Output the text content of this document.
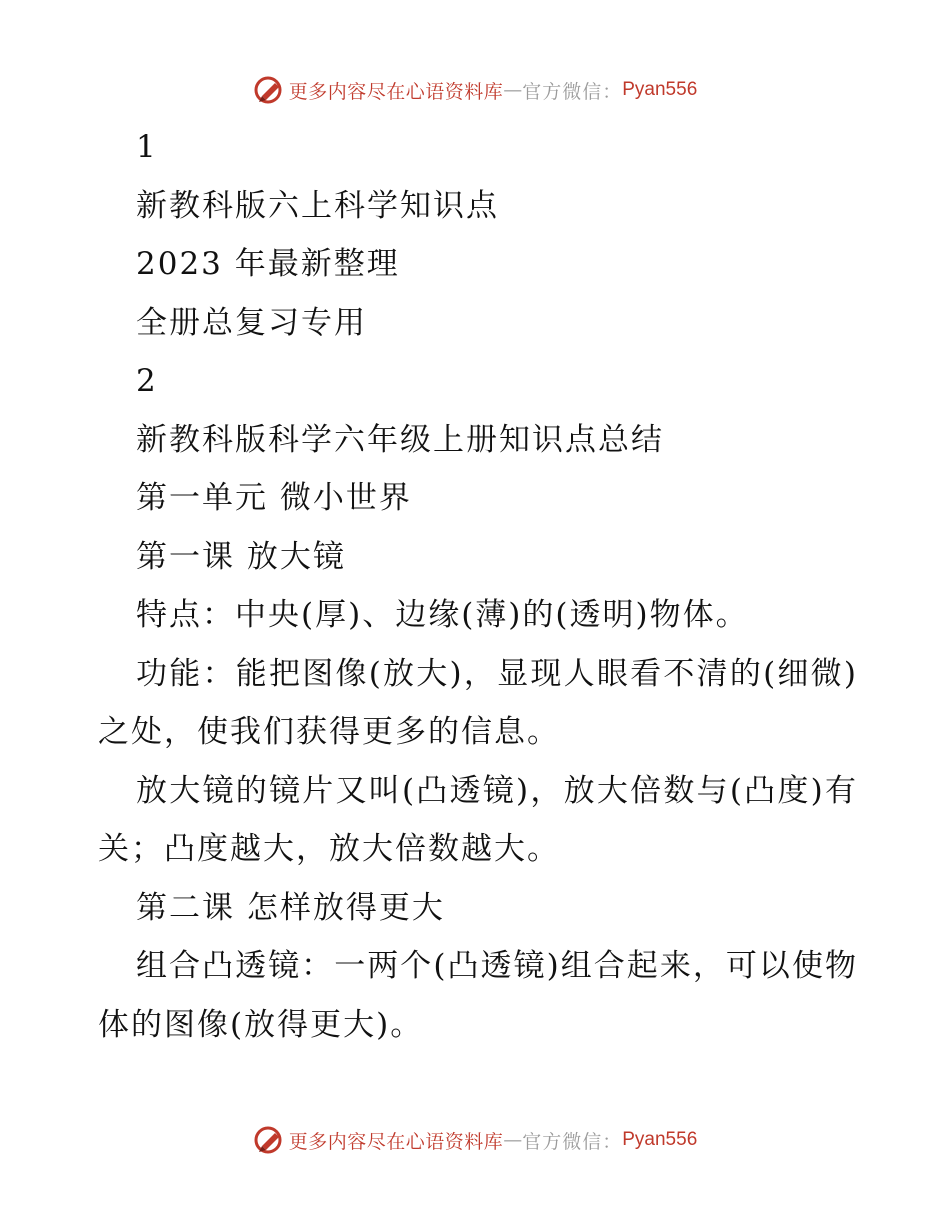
更多内容尽在心语资料库 — 官方微信： Pyan556
1
新教科版六上科学知识点
2023 年最新整理
全册总复习专用
2
新教科版科学六年级上册知识点总结
第一单元 微小世界
第一课 放大镜
特点：中央(厚)、边缘(薄)的(透明)物体。

功能：能把图像(放大)，显现人眼看不清的(细微)之处，使我们获得更多的信息。

放大镜的镜片又叫(凸透镜)，放大倍数与(凸度)有关；凸度越大，放大倍数越大。

第二课 怎样放得更大

组合凸透镜：一两个(凸透镜)组合起来，可以使物体的图像(放得更大)。

更多内容尽在心语资料库 — 官方微信： Pyan556
